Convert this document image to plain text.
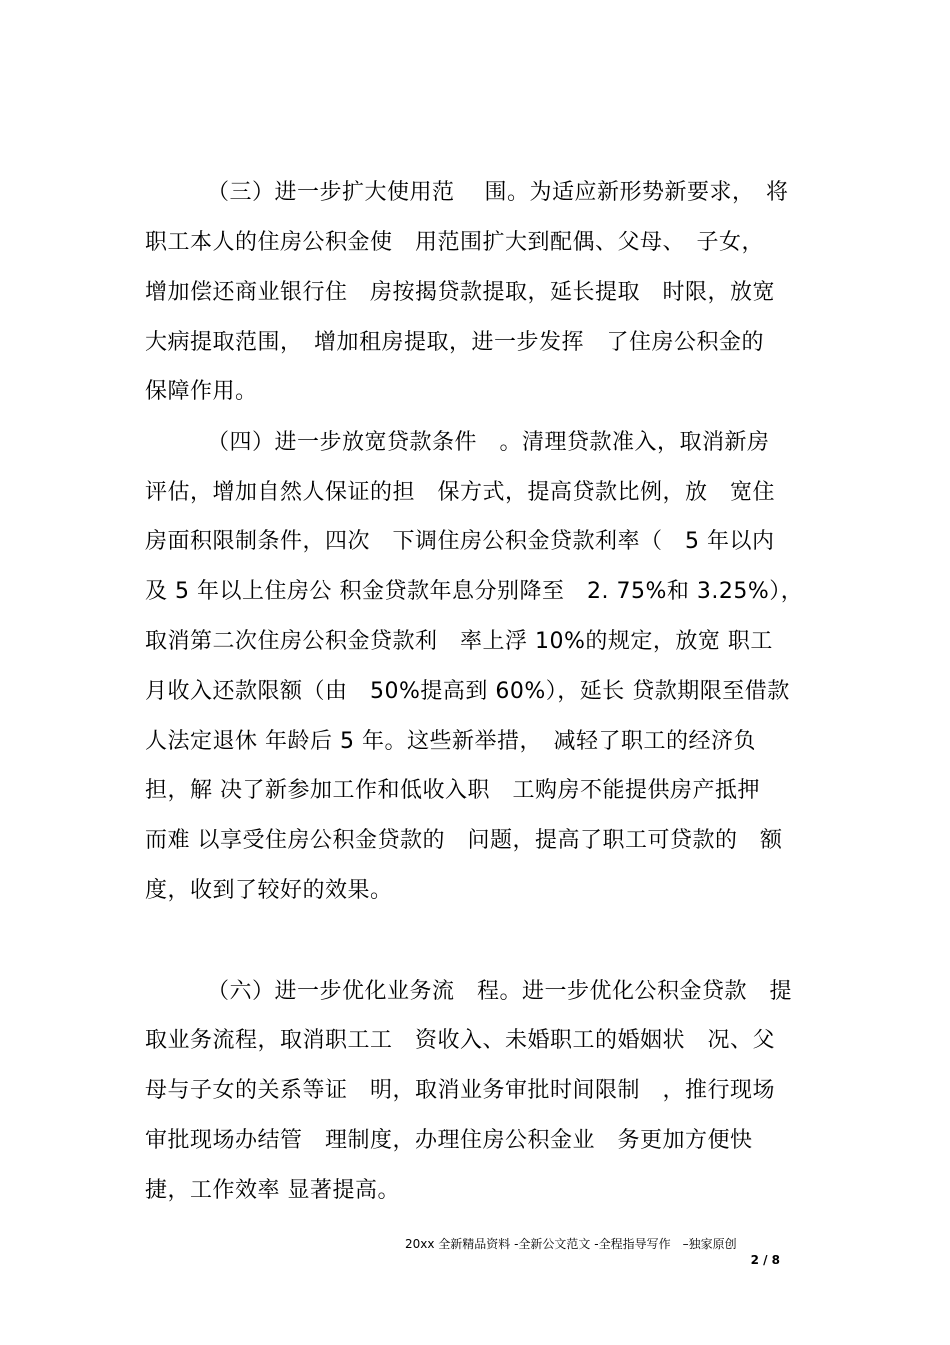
（三）进一步扩大使用范　 围。为适应新形势新要求，　将
职工本人的住房公积金使　用范围扩大到配偶、父母、　子女，
增加偿还商业银行住　房按揭贷款提取，延长提取　时限，放宽
大病提取范围，　增加租房提取，进一步发挥　了住房公积金的
保障作用。
（四）进一步放宽贷款条件　。清理贷款准入，取消新房
评估，增加自然人保证的担　保方式，提高贷款比例，放　宽住
房面积限制条件，四次　下调住房公积金贷款利率（　5 年以内
及 5 年以上住房公 积金贷款年息分别降至　2. 75%和 3.25%），
取消第二次住房公积金贷款利　率上浮 10%的规定，放宽 职工
月收入还款限额（由　50%提高到 60%），延长 贷款期限至借款
人法定退休 年龄后 5 年。这些新举措，　减轻了职工的经济负
担，解 决了新参加工作和低收入职　工购房不能提供房产抵押
而难 以享受住房公积金贷款的　问题，提高了职工可贷款的　额
度，收到了较好的效果。
（六）进一步优化业务流　程。进一步优化公积金贷款　提
取业务流程，取消职工工　资收入、未婚职工的婚姻状　况、父
母与子女的关系等证　明，取消业务审批时间限制　，推行现场
审批现场办结管　理制度，办理住房公积金业　务更加方便快
捷，工作效率 显著提高。
20xx 全新精品资料 -全新公文范文 -全程指导写作　–独家原创
2 / 8
